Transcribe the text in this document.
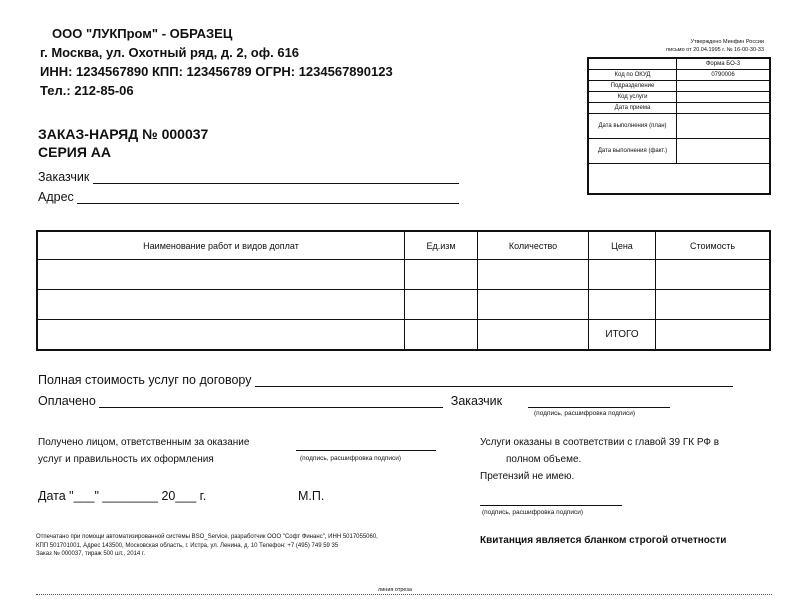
ООО "ЛУКПром" - ОБРАЗЕЦ
г. Москва, ул. Охотный ряд, д. 2, оф. 616
ИНН: 1234567890 КПП: 123456789 ОГРН: 1234567890123
Тел.: 212-85-06
Утверждено Минфин России
письмо от 20.04.1995 г. № 16-00-30-33
	Форма БО-3
Код по ОКУД	0790006
Подразделение	
Код услуги	
Дата приема	
Дата выполнения (план)	
Дата выполнения (факт.)	
ЗАКАЗ-НАРЯД № 000037
СЕРИЯ АА
Заказчик
Адрес
Наименование работ и видов доплат	Ед.изм	Количество	Цена	Стоимость

			ИТОГО	
Полная стоимость услуг по договору
Оплачено	Заказчик
(подпись, расшифровка подписи)
Получено лицом, ответственным за оказание
услуг и правильность их оформления	(подпись, расшифровка подписи)
Услуги оказаны в соответствии с главой 39 ГК РФ в
полном объеме.
Претензий не имею.
(подпись, расшифровка подписи)
Дата "___" ________ 20___ г.	М.П.
Отпечатано при помощи автоматизированной системы BSO_Service, разработчик ООО "Софт Финанс", ИНН 5017055060,
КПП 501701001, Адрес 143500, Московская область, г. Истра, ул. Ленина, д. 10 Телефон: +7 (495) 749 59 35
Заказ № 000037, тираж 500 шт., 2014 г.
Квитанция является бланком строгой отчетности
линия отреза
